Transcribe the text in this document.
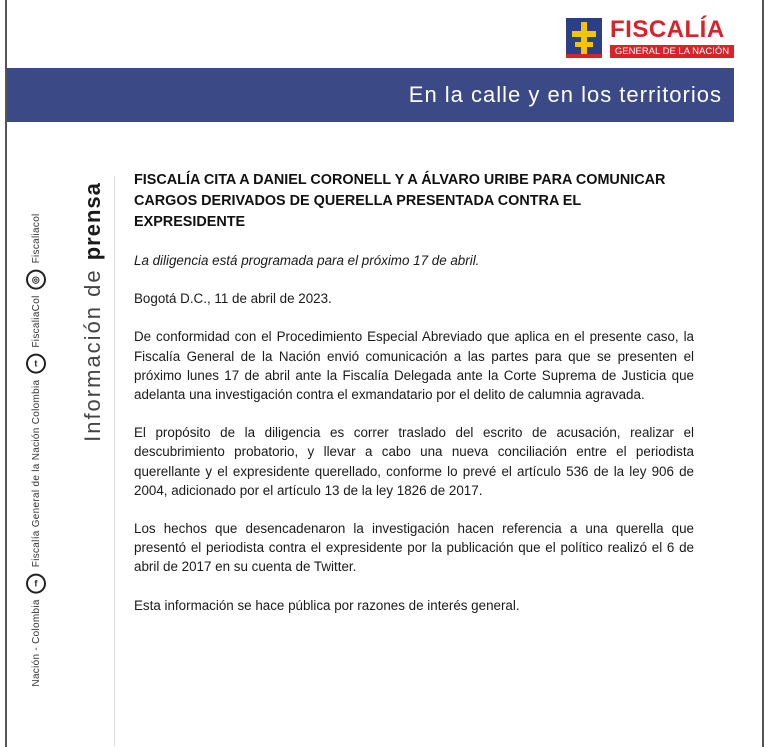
FISCALÍA
GENERAL DE LA NACIÓN
En la calle y en los territorios
Información de prensa
Nación - Colombia
f
Fiscalía General de la Nación Colombia
t
FiscaliaCol
◎
Fiscaliacol

FISCALÍA CITA A DANIEL CORONELL Y A ÁLVARO URIBE PARA COMUNICAR CARGOS DERIVADOS DE QUERELLA PRESENTADA CONTRA EL EXPRESIDENTE

La diligencia está programada para el próximo 17 de abril.

Bogotá D.C., 11 de abril de 2023.

De conformidad con el Procedimiento Especial Abreviado que aplica en el presente caso, la Fiscalía General de la Nación envió comunicación a las partes para que se presenten el próximo lunes 17 de abril ante la Fiscalía Delegada ante la Corte Suprema de Justicia que adelanta una investigación contra el exmandatario por el delito de calumnia agravada.

El propósito de la diligencia es correr traslado del escrito de acusación, realizar el descubrimiento probatorio, y llevar a cabo una nueva conciliación entre el periodista querellante y el expresidente querellado, conforme lo prevé el artículo 536 de la ley 906 de 2004, adicionado por el artículo 13 de la ley 1826 de 2017.

Los hechos que desencadenaron la investigación hacen referencia a una querella que presentó el periodista contra el expresidente por la publicación que el político realizó el 6 de abril de 2017 en su cuenta de Twitter.

Esta información se hace pública por razones de interés general.
